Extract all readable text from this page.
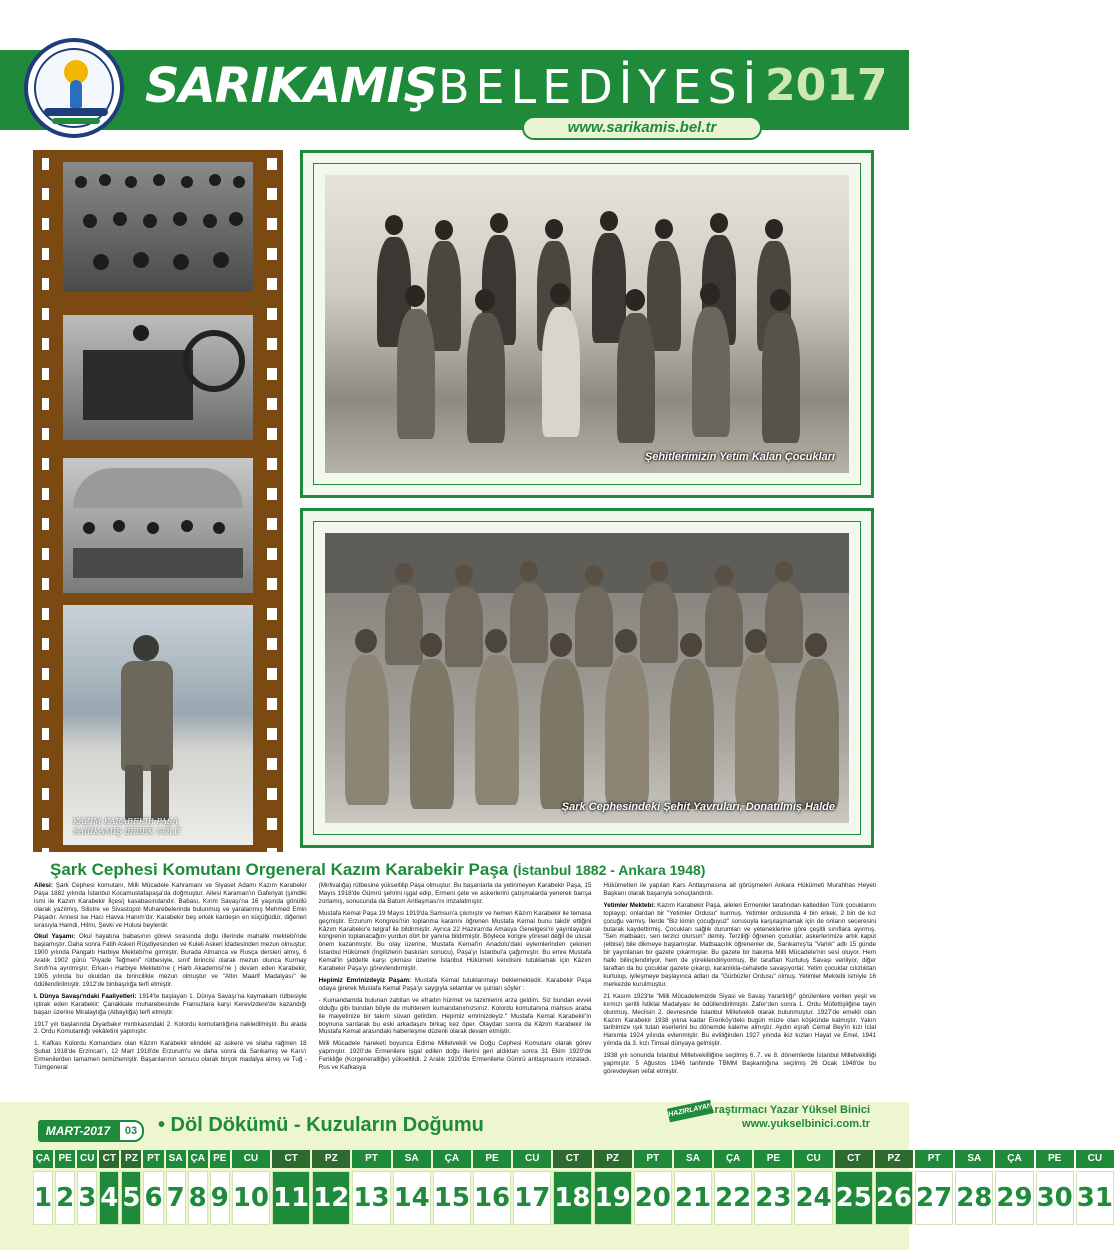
SARIKAMIŞ BELEDİYESİ 2017
www.sarikamis.bel.tr
KAZIM KARABEKİR PAŞA
SARIKAMIŞ BEBEK GÖLÜ
Şehitlerimizin Yetim Kalan Çocukları
Şark Cephesindeki Şehit Yavruları, Donatılmış Halde
Şark Cephesi Komutanı Orgeneral Kazım Karabekir Paşa (İstanbul 1882 - Ankara 1948)

Ailesi: Şark Cephesi komutanı, Milli Mücadele Kahramanı ve Siyaset Adamı Kazım Karabekir Paşa 1882 yılında İstanbul Kocamustafapaşa'da doğmuştur. Ailesi Karaman'ın Gaferiyat (şimdiki ismi ile Kazım Karabekir İlçesi) kasabasındandır. Babası, Kırım Savaşı'na 16 yaşında gönüllü olarak yazılmış, Silistre ve Sivastopol Muharebelerinde bulunmuş ve yaralanmış Mehmed Emin Paşadır. Annesi ise Hacı Havva Hanım'dır. Karabekir beş erkek kardeşin en küçüğüdür, diğerleri sırasıyla Hamdi, Hilmi, Şevki ve Hulusi beylerdir.

Okul Yaşamı: Okul hayatına babasının görevi sırasında doğu illerinde mahalle mektebi'nde başlamıştır. Daha sonra Fatih Askeri Rüşdiyesinden ve Kuleli Askeri İdadesinden mezun olmuştur. 1900 yılında Pangaltı Harbiye Mektebi'ne girmiştir. Burada Almanca ve Rusça dersleri almış, 6 Aralık 1902 günü "Piyade Teğmeni" rütbesiyle, sınıf birincisi olarak mezun olunca Kurmay Sınıfı'na ayrılmıştır. Erkan-ı Harbiye Mektebi'ne ( Harb Akademisi'ne ) devam eden Karabekir, 1905 yılında bu okuldan da birincilikle mezun olmuştur ve "Altın Maarif Madalyası" ile ödüllendirilmiştir. 1912'de binbaşılığa terfi etmiştir.

I. Dünya Savaşı'ndaki Faaliyetleri: 1914'te başlayan 1. Dünya Savaşı'na kaymakam rütbesiyle iştirak eden Karabekir; Çanakkale muharebesinde Fransızlara karşı Kerevizdere'de kazandığı başarı üzerine Miralaylığa (Albaylığa) terfi etmiştir.

1917 yılı başlarında Diyarbakır mıntıkasındaki 2. Kolordu komutanlığına nakledilmiştir. Bu arada 2. Ordu Komutanlığı vekâletini yapmıştır.

1. Kafkas Kolordu Komandanı olan Kâzım Karabekir elindeki az askere ve silaha rağmen 18 Şubat 1918'de Erzincan'ı, 12 Mart 1918'de Erzurum'u ve daha sonra da Sarıkamış ve Kars'ı Ermenilerden tamamen temizlemiştir. Başarılarının sonucu olarak birçok madalya almış ve Tuğ - Tümgeneral

(Mirlivalığa) rütbesine yükseltilip Paşa olmuştur. Bu başarılarla da yetinmeyen Karabekir Paşa, 15 Mayıs 1918'de Gümrü şehrini işgal edip, Ermeni çete ve askerlerini çatışmalarda yenerek barışa zorlamış, sonucunda da Batum Antlaşması'nı imzalatmıştır.

Mustafa Kemal Paşa 19 Mayıs 1919'da Samsun'a çıkmıştır ve hemen Kâzım Karabekir ile temasa geçmiştir. Erzurum Kongresi'nin toplanma kararını öğrenen Mustafa Kemal bunu takdir ettiğini Kâzım Karabekir'e telgraf ile bildirmiştir. Ayrıca 22 Haziran'da Amasya Genelgesi'ni yayınlayarak kongrenin toplanacağını yurdun dört bir yanına bildirmiştir. Böylece kongre yöresel değil de ulusal önem kazanmıştır. Bu olay üzerine, Mustafa Kemal'in Anadolu'daki eylemlerinden çekinen İstanbul Hükümeti (İngilizlerin baskıları sonucu), Paşa'yı İstanbul'a çağırmıştır. Bu emre Mustafa Kemal'in şiddetle karşı çıkması üzerine İstanbul Hükümeti kendisini tutuklamak için Kâzım Karabekir Paşa'yı görevlendirmiştir.

Hepimiz Emrinizdeyiz Paşam: Mustafa Kemal tutuklanmayı beklemektedir. Karabekir Paşa odaya girerek Mustafa Kemal Paşa'yı saygıyla selamlar ve şunları söyler :

- Kumandamda bulunan zabitan ve efradın hürmet ve tazimlerini arza geldim. Siz bundan evvel olduğu gibi bundan böyle de muhterem kumandanımızsınız. Kolordu komutanına mahsus araba ile maiyetinize bir takım süvari getirdim. Hepimiz emrinizdeyiz." Mustafa Kemal Karabekir'in boynuna sarılarak bu eski arkadaşını birkaç kez öper. Olaydan sonra da Kâzım Karabekir ile Mustafa Kemal arasındaki haberleşme düzenli olarak devam etmiştir.

Milli Mücadele hareketi boyunca Edirne Milletvekili ve Doğu Cephesi Komutanı olarak görev yapmıştır. 1920'de Ermenilere işgal edilen doğu illerini geri aldıktan sonra 31 Ekim 1920'de Ferikliğe (Korgeneralliğe) yükseltildi. 2 Aralık 1920'de Ermenilerle Gümrü antlaşmasını imzaladı. Rus ve Kafkasya

Hükümetleri ile yapılan Kars Antlaşmasına ait görüşmeleri Ankara Hükümeti Murahhas Heyeti Başkanı olarak başarıyla sonuçlandırdı.

Yetimler Mektebi: Kazım Karabekir Paşa, aileleri Ermeniler tarafından katledilen Türk çocuklarını toplayıp; onlardan bir "Yetimler Ordusu" kurmuş. Yetimler ordusunda 4 bin erkek, 2 bin de kız çocuğu varmış. İlerde "Biz kimin çocuğuyuz" sorusuyla karşılaşmamak için de onların seceresini bularak kaydettirmiş. Çocukları sağlık durumları ve yeteneklerine göre çeşitli sınıflara ayırmış. "Sen matbaacı, sen terzici olursun" demiş. Terziliği öğrenen çocuklar, askerlerimize artık kaput (elbise) bile dikmeye başlamışlar. Matbaacılık öğrenenler de, Sarıkamış'ta "Varlık" adlı 15 günde bir yayınlanan bir gazete çıkarmışlar. Bu gazete bir bakıma Milli Mücadele'nin sesi oluyor. Hem halkı bilinçlendiriyor, hem de yüreklendiriyormuş. Bir taraftan Kurtuluş Savaşı veriliyor, diğer taraftan da bu çocuklar gazete çıkarıp, karanlıkla-cehaletle savaşıyorlar. Yetim çocuklar cılızlıktan kurtulup, iyileşmeye başlayınca adları da "Gürbüzler Ordusu" olmuş. Yetimler Mektebi ismiyle 16 merkezde kurulmuştur.

21 Kasım 1923'te "Milli Mücadelemizde Siyasi ve Savaş Yararlılığı" görülenlere verilen yeşil ve kırmızı şeritli İstiklal Madalyası ile ödüllendirilmiştir. Zafer'den sonra 1. Ordu Müfettişliğine tayin olunmuş, Meclisin 2. devresinde İstanbul Milletvekili olarak bulunmuştur. 1927'de emekli olan Kazım Karabekir 1938 yılına kadar Erenköy'deki bugün müze olan köşkünde kalmıştır. Yakın tarihimize ışık tutan eserlerini bu dönemde kaleme almıştır. Aydın eşrafı Cemal Bey'in kızı İclal Hanımla 1924 yılında evlenmiştir. Bu evliliğinden 1927 yılında ikiz kızları Hayat ve Emel, 1941 yılında da 3. kızı Timsal dünyaya gelmiştir.

1938 yılı sonunda İstanbul Milletvekilliğine seçilmiş 6.,7. ve 8. dönemlerde İstanbul Milletvekilliği yapmıştır. 5 Ağustos 1946 tarihinde TBMM Başkanlığına seçilmiş 26 Ocak 1948'de bu görevdeyken vefat etmiştir.

MART-2017	03	• Döl Dökümü - Kuzuların Doğumu
HAZIRLAYAN
Araştırmacı Yazar Yüksel Binici
www.yukselbinici.com.tr
ÇA
1
PE
2
CU
3
CT
4
PZ
5
PT
6
SA
7
ÇA
8
PE
9
CU
10
CT
11
PZ
12
PT
13
SA
14
ÇA
15
PE
16
CU
17
CT
18
PZ
19
PT
20
SA
21
ÇA
22
PE
23
CU
24
CT
25
PZ
26
PT
27
SA
28
ÇA
29
PE
30
CU
31
